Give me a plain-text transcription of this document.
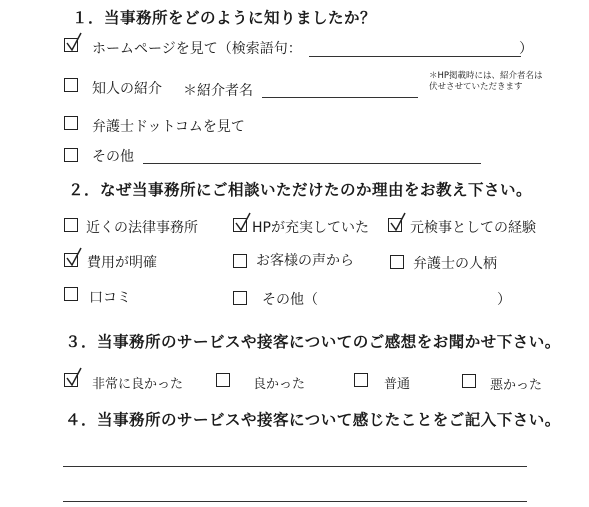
１．当事務所をどのように知りましたか？
ホームページを見て（検索語句：	）
知人の紹介 ＊紹介者名
＊HP掲載時には、紹介者名は
伏せさせていただきます
弁護士ドットコムを見て
その他
２．なぜ当事務所にご相談いただけたのか理由をお教え下さい。
近くの法律事務所	HPが充実していた	元検事としての経験
費用が明確	お客様の声から	弁護士の人柄
口コミ	その他（	）
３．当事務所のサービスや接客についてのご感想をお聞かせ下さい。
非常に良かった	良かった	普通	悪かった
４．当事務所のサービスや接客について感じたことをご記入下さい。
